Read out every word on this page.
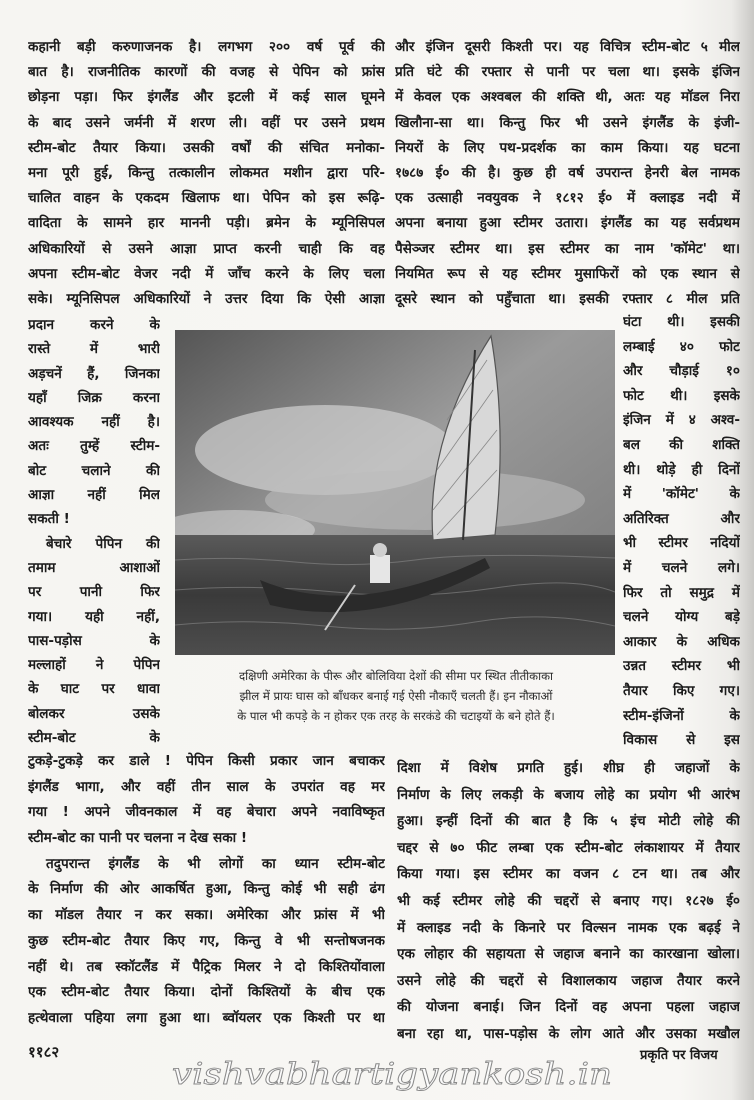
कहानी बड़ी करुणाजनक है। लगभग २०० वर्ष पूर्व की
बात है। राजनीतिक कारणों की वजह से पेपिन को फ्रांस
छोड़ना पड़ा। फिर इंगलैंड और इटली में कई साल घूमने
के बाद उसने जर्मनी में शरण ली। वहीं पर उसने प्रथम
स्टीम-बोट तैयार किया। उसकी वर्षों की संचित मनोका-
मना पूरी हुई, किन्तु तत्कालीन लोकमत मशीन द्वारा परि-
चालित वाहन के एकदम खिलाफ था। पेपिन को इस रूढ़ि-
वादिता के सामने हार माननी पड़ी। ब्रमेन के म्यूनिसिपल
अधिकारियों से उसने आज्ञा प्राप्त करनी चाही कि वह
अपना स्टीम-बोट वेजर नदी में जाँच करने के लिए चला
सके। म्यूनिसिपल अधिकारियों ने उत्तर दिया कि ऐसी आज्ञा
प्रदान करने के
रास्ते में भारी
अड़चनें हैं, जिनका
यहाँ जिक्र करना
आवश्यक नहीं है।
अतः तुम्हें स्टीम-
बोट चलाने की
आज्ञा नहीं मिल
सकती !
बेचारे पेपिन की
तमाम आशाओं
पर पानी फिर
गया। यही नहीं,
पास-पड़ोस के
मल्लाहों ने पेपिन
के घाट पर धावा
बोलकर उसके
स्टीम-बोट के
टुकड़े-टुकड़े कर डाले ! पेपिन किसी प्रकार जान बचाकर
इंगलैंड भागा, और वहीं तीन साल के उपरांत वह मर
गया ! अपने जीवनकाल में वह बेचारा अपने नवाविष्कृत
स्टीम-बोट का पानी पर चलना न देख सका !
तदुपरान्त इंगलैंड के भी लोगों का ध्यान स्टीम-बोट
के निर्माण की ओर आकर्षित हुआ, किन्तु कोई भी सही ढंग
का मॉडल तैयार न कर सका। अमेरिका और फ्रांस में भी
कुछ स्टीम-बोट तैयार किए गए, किन्तु वे भी सन्तोषजनक
नहीं थे। तब स्कॉटलैंड में पैट्रिक मिलर ने दो किश्तियोंवाला
एक स्टीम-बोट तैयार किया। दोनों किश्तियों के बीच एक
हत्थेवाला पहिया लगा हुआ था। ब्वॉयलर एक किश्ती पर था
और इंजिन दूसरी किश्ती पर। यह विचित्र स्टीम-बोट ५ मील
प्रति घंटे की रफ्तार से पानी पर चला था। इसके इंजिन
में केवल एक अश्वबल की शक्ति थी, अतः यह मॉडल निरा
खिलौना-सा था। किन्तु फिर भी उसने इंगलैंड के इंजी-
नियरों के लिए पथ-प्रदर्शक का काम किया। यह घटना
१७८७ ई० की है। कुछ ही वर्ष उपरान्त हेनरी बेल नामक
एक उत्साही नवयुवक ने १८१२ ई० में क्लाइड नदी में
अपना बनाया हुआ स्टीमर उतारा। इंगलैंड का यह सर्वप्रथम
पैसेञ्जर स्टीमर था। इस स्टीमर का नाम 'कॉमेट' था।
नियमित रूप से यह स्टीमर मुसाफिरों को एक स्थान से
दूसरे स्थान को पहुँचाता था। इसकी रफ्तार ८ मील प्रति
घंटा थी। इसकी
लम्बाई ४० फोट
और चौड़ाई १०
फोट थी। इसके
इंजिन में ४ अश्व-
बल की शक्ति
थी। थोड़े ही दिनों
में 'कॉमेट' के
अतिरिक्त और
भी स्टीमर नदियों
में चलने लगे।
फिर तो समुद्र में
चलने योग्य बड़े
आकार के अधिक
उन्नत स्टीमर भी
तैयार किए गए।
स्टीम-इंजिनों के
विकास से इस
दिशा में विशेष प्रगति हुई। शीघ्र ही जहाजों के
निर्माण के लिए लकड़ी के बजाय लोहे का प्रयोग भी आरंभ
हुआ। इन्हीं दिनों की बात है कि ५ इंच मोटी लोहे की
चद्दर से ७० फीट लम्बा एक स्टीम-बोट लंकाशायर में तैयार
किया गया। इस स्टीमर का वजन ८ टन था। तब और
भी कई स्टीमर लोहे की चद्दरों से बनाए गए। १८२७ ई०
में क्लाइड नदी के किनारे पर विल्सन नामक एक बढ़ई ने
एक लोहार की सहायता से जहाज बनाने का कारखाना खोला।
उसने लोहे की चद्दरों से विशालकाय जहाज तैयार करने
की योजना बनाई। जिन दिनों वह अपना पहला जहाज
बना रहा था, पास-पड़ोस के लोग आते और उसका मखौल
दक्षिणी अमेरिका के पीरू और बोलिविया देशों की सीमा पर स्थित तीतीकाका
झील में प्रायः घास को बाँधकर बनाई गई ऐसी नौकाएँ चलती हैं। इन नौकाओं
के पाल भी कपड़े के न होकर एक तरह के सरकंडे की चटाइयों के बने होते हैं।
vishvabhartigyankosh.in
११८२	प्रकृति पर विजय
